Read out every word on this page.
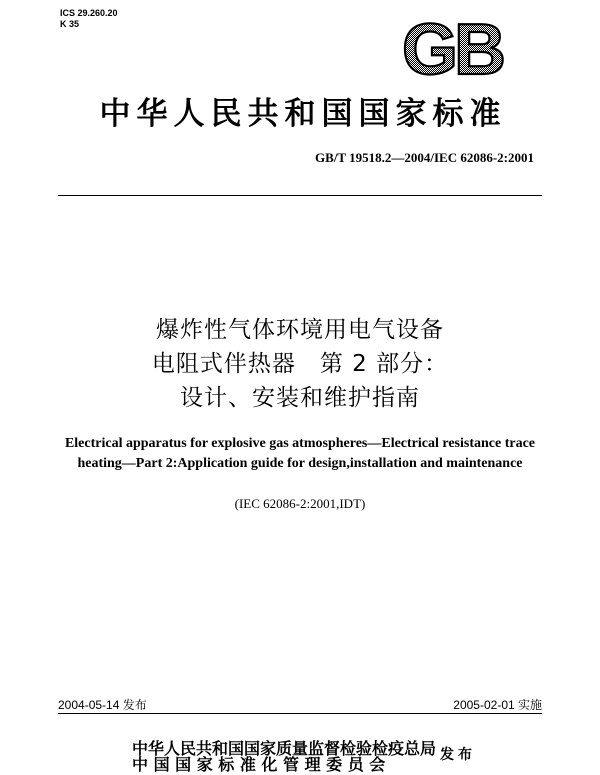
ICS 29.260.20
K 35	GB
中华人民共和国国家标准
GB/T 19518.2—2004/IEC 62086-2:2001
爆炸性气体环境用电气设备
电阻式伴热器　第 2 部分：
设计、安装和维护指南
Electrical apparatus for explosive gas atmospheres—Electrical resistance trace
heating—Part 2:Application guide for design,installation and maintenance
(IEC 62086-2:2001,IDT)
2004-05-14 发布	2005-02-01 实施
中华人民共和国国家质量监督检验检疫总局
中 国 国 家 标 准 化 管 理 委 员 会	发布
